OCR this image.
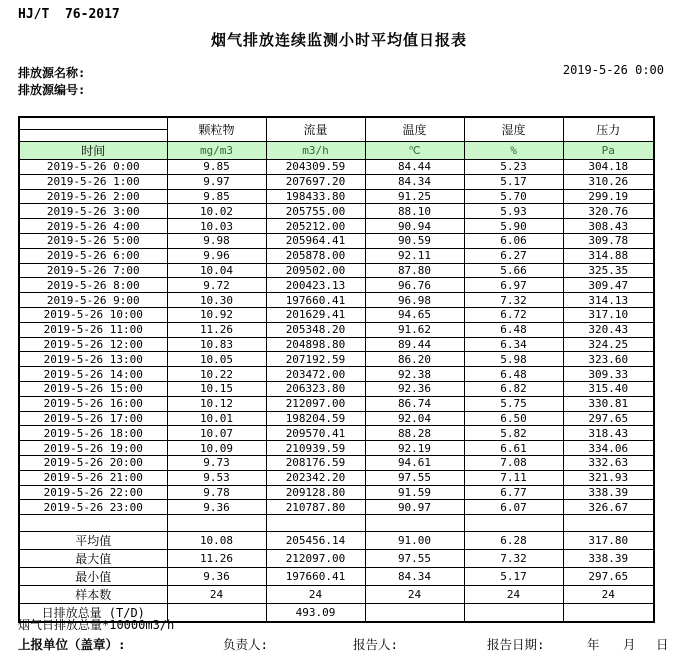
HJ/T  76-2017
烟气排放连续监测小时平均值日报表
排放源名称:	2019-5-26 0:00
排放源编号:
	颗粒物	流量	温度	湿度	压力

时间	mg/m3	m3/h	℃	%	Pa
2019-5-26 0:00	9.85	204309.59	84.44	5.23	304.18
2019-5-26 1:00	9.97	207697.20	84.34	5.17	310.26
2019-5-26 2:00	9.85	198433.80	91.25	5.70	299.19
2019-5-26 3:00	10.02	205755.00	88.10	5.93	320.76
2019-5-26 4:00	10.03	205212.00	90.94	5.90	308.43
2019-5-26 5:00	9.98	205964.41	90.59	6.06	309.78
2019-5-26 6:00	9.96	205878.00	92.11	6.27	314.88
2019-5-26 7:00	10.04	209502.00	87.80	5.66	325.35
2019-5-26 8:00	9.72	200423.13	96.76	6.97	309.47
2019-5-26 9:00	10.30	197660.41	96.98	7.32	314.13
2019-5-26 10:00	10.92	201629.41	94.65	6.72	317.10
2019-5-26 11:00	11.26	205348.20	91.62	6.48	320.43
2019-5-26 12:00	10.83	204898.80	89.44	6.34	324.25
2019-5-26 13:00	10.05	207192.59	86.20	5.98	323.60
2019-5-26 14:00	10.22	203472.00	92.38	6.48	309.33
2019-5-26 15:00	10.15	206323.80	92.36	6.82	315.40
2019-5-26 16:00	10.12	212097.00	86.74	5.75	330.81
2019-5-26 17:00	10.01	198204.59	92.04	6.50	297.65
2019-5-26 18:00	10.07	209570.41	88.28	5.82	318.43
2019-5-26 19:00	10.09	210939.59	92.19	6.61	334.06
2019-5-26 20:00	9.73	208176.59	94.61	7.08	332.63
2019-5-26 21:00	9.53	202342.20	97.55	7.11	321.93
2019-5-26 22:00	9.78	209128.80	91.59	6.77	338.39
2019-5-26 23:00	9.36	210787.80	90.97	6.07	326.67

平均值	10.08	205456.14	91.00	6.28	317.80
最大值	11.26	212097.00	97.55	7.32	338.39
最小值	9.36	197660.41	84.34	5.17	297.65
样本数	24	24	24	24	24
日排放总量 (T/D)		493.09			
烟气日排放总量*10000m3/h
上报单位（盖章）:	负责人:	报告人:	报告日期:	年 月 日
